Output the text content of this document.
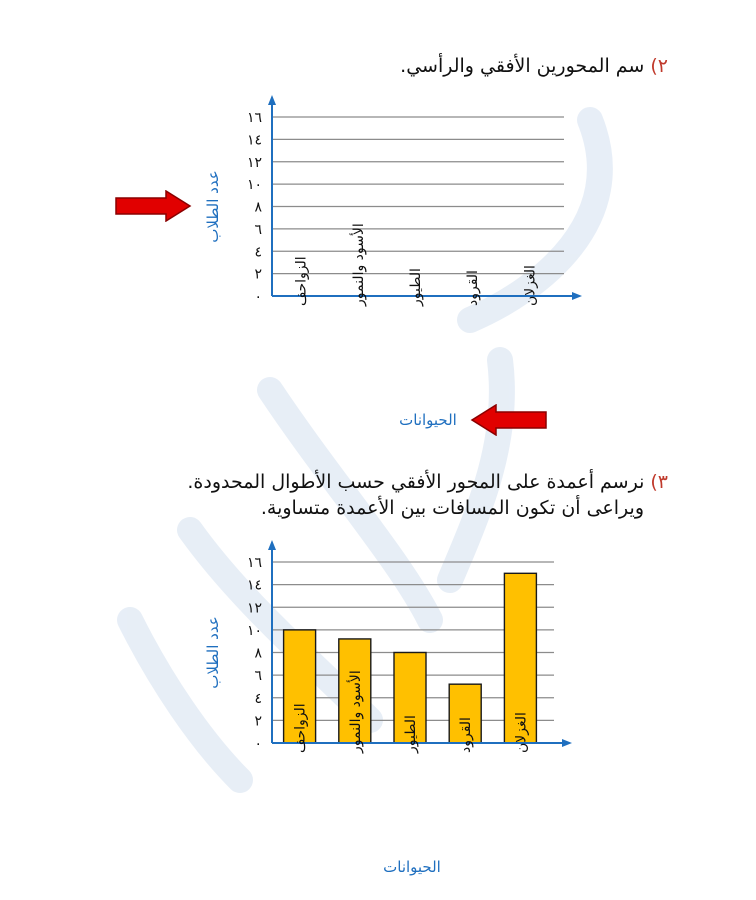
٢)سم المحورين الأفقي والرأسي.
٠
٢
٤
٦
٨
١٠
١٢
١٤
١٦
الزواحف	الأسود والنمور	الطيور	القرود	الغزلان
عدد الطلاب
الحيوانات
٣)نرسم أعمدة على المحور الأفقي حسب الأطوال المحدودة.
ويراعى أن تكون المسافات بين الأعمدة متساوية.
٠
٢
٤
٦
٨
١٠
١٢
١٤
١٦
الزواحف	الأسود والنمور	الطيور	القرود	الغزلان
عدد الطلاب
الحيوانات
